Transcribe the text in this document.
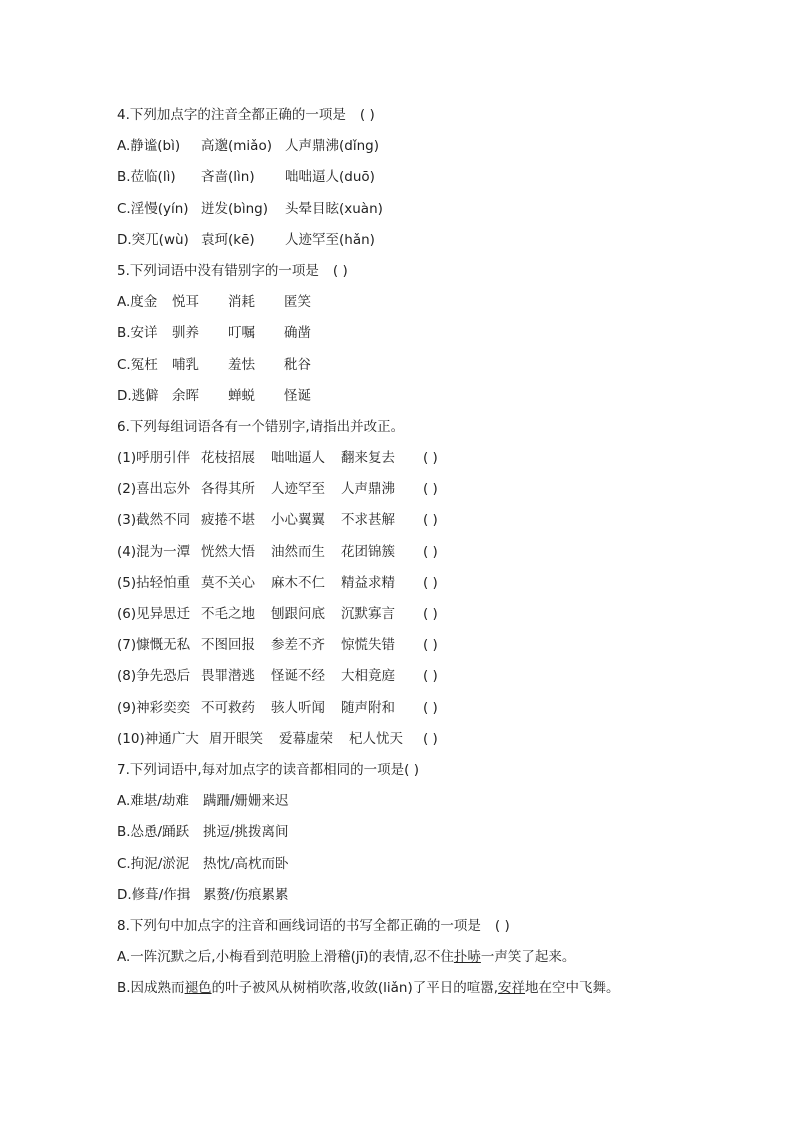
4.下列加点字的注音全都正确的一项是 ( )
A.静谧(bì)	高邈(miǎo) 人声鼎沸(dǐng)
B.莅临(lì)	吝啬(lìn)	咄咄逼人(duō)
C.淫慢(yín) 迸发(bìng)	头晕目眩(xuàn)
D.突兀(wù) 袁珂(kē)	人迹罕至(hǎn)
5.下列词语中没有错别字的一项是 ( )
A.度金	悦耳	消耗	匿笑
B.安详	驯养	叮嘱	确凿
C.冤枉	哺乳	羞怯	秕谷
D.逃僻 余晖	蝉蜕	怪诞
6.下列每组词语各有一个错别字,请指出并改正。
(1)呼朋引伴 花枝招展	咄咄逼人	翻来复去	( )
(2)喜出忘外 各得其所	人迹罕至	人声鼎沸	( )
(3)截然不同 疲捲不堪	小心翼翼	不求甚解	( )
(4)混为一潭 恍然大悟	油然而生	花团锦簇	( )
(5)拈轻怕重 莫不关心	麻木不仁	精益求精	( )
(6)见异思迁 不毛之地	刨跟问底	沉默寡言	( )
(7)慷慨无私 不图回报	参差不齐	惊慌失错	( )
(8)争先恐后 畏罪潜逃	怪诞不经	大相竟庭	( )
(9)神彩奕奕 不可救药	骇人听闻	随声附和	( )
(10)神通广大 眉开眼笑	爱幕虚荣	杞人忧天	( )
7.下列词语中,每对加点字的读音都相同的一项是( )
A.难堪/劫难	蹒跚/姗姗来迟
B.怂恿/踊跃	挑逗/挑拨离间
C.拘泥/淤泥	热忱/高枕而卧
D.修葺/作揖 累赘/伤痕累累
8.下列句中加点字的注音和画线词语的书写全都正确的一项是 ( )
A.一阵沉默之后,小梅看到范明脸上滑稽(jī)的表情,忍不住 扑哧 一声笑了起来。
B.因成熟而 褪色 的叶子被风从树梢吹落,收敛(liǎn)了平日的喧嚣, 安祥 地在空中飞舞。
